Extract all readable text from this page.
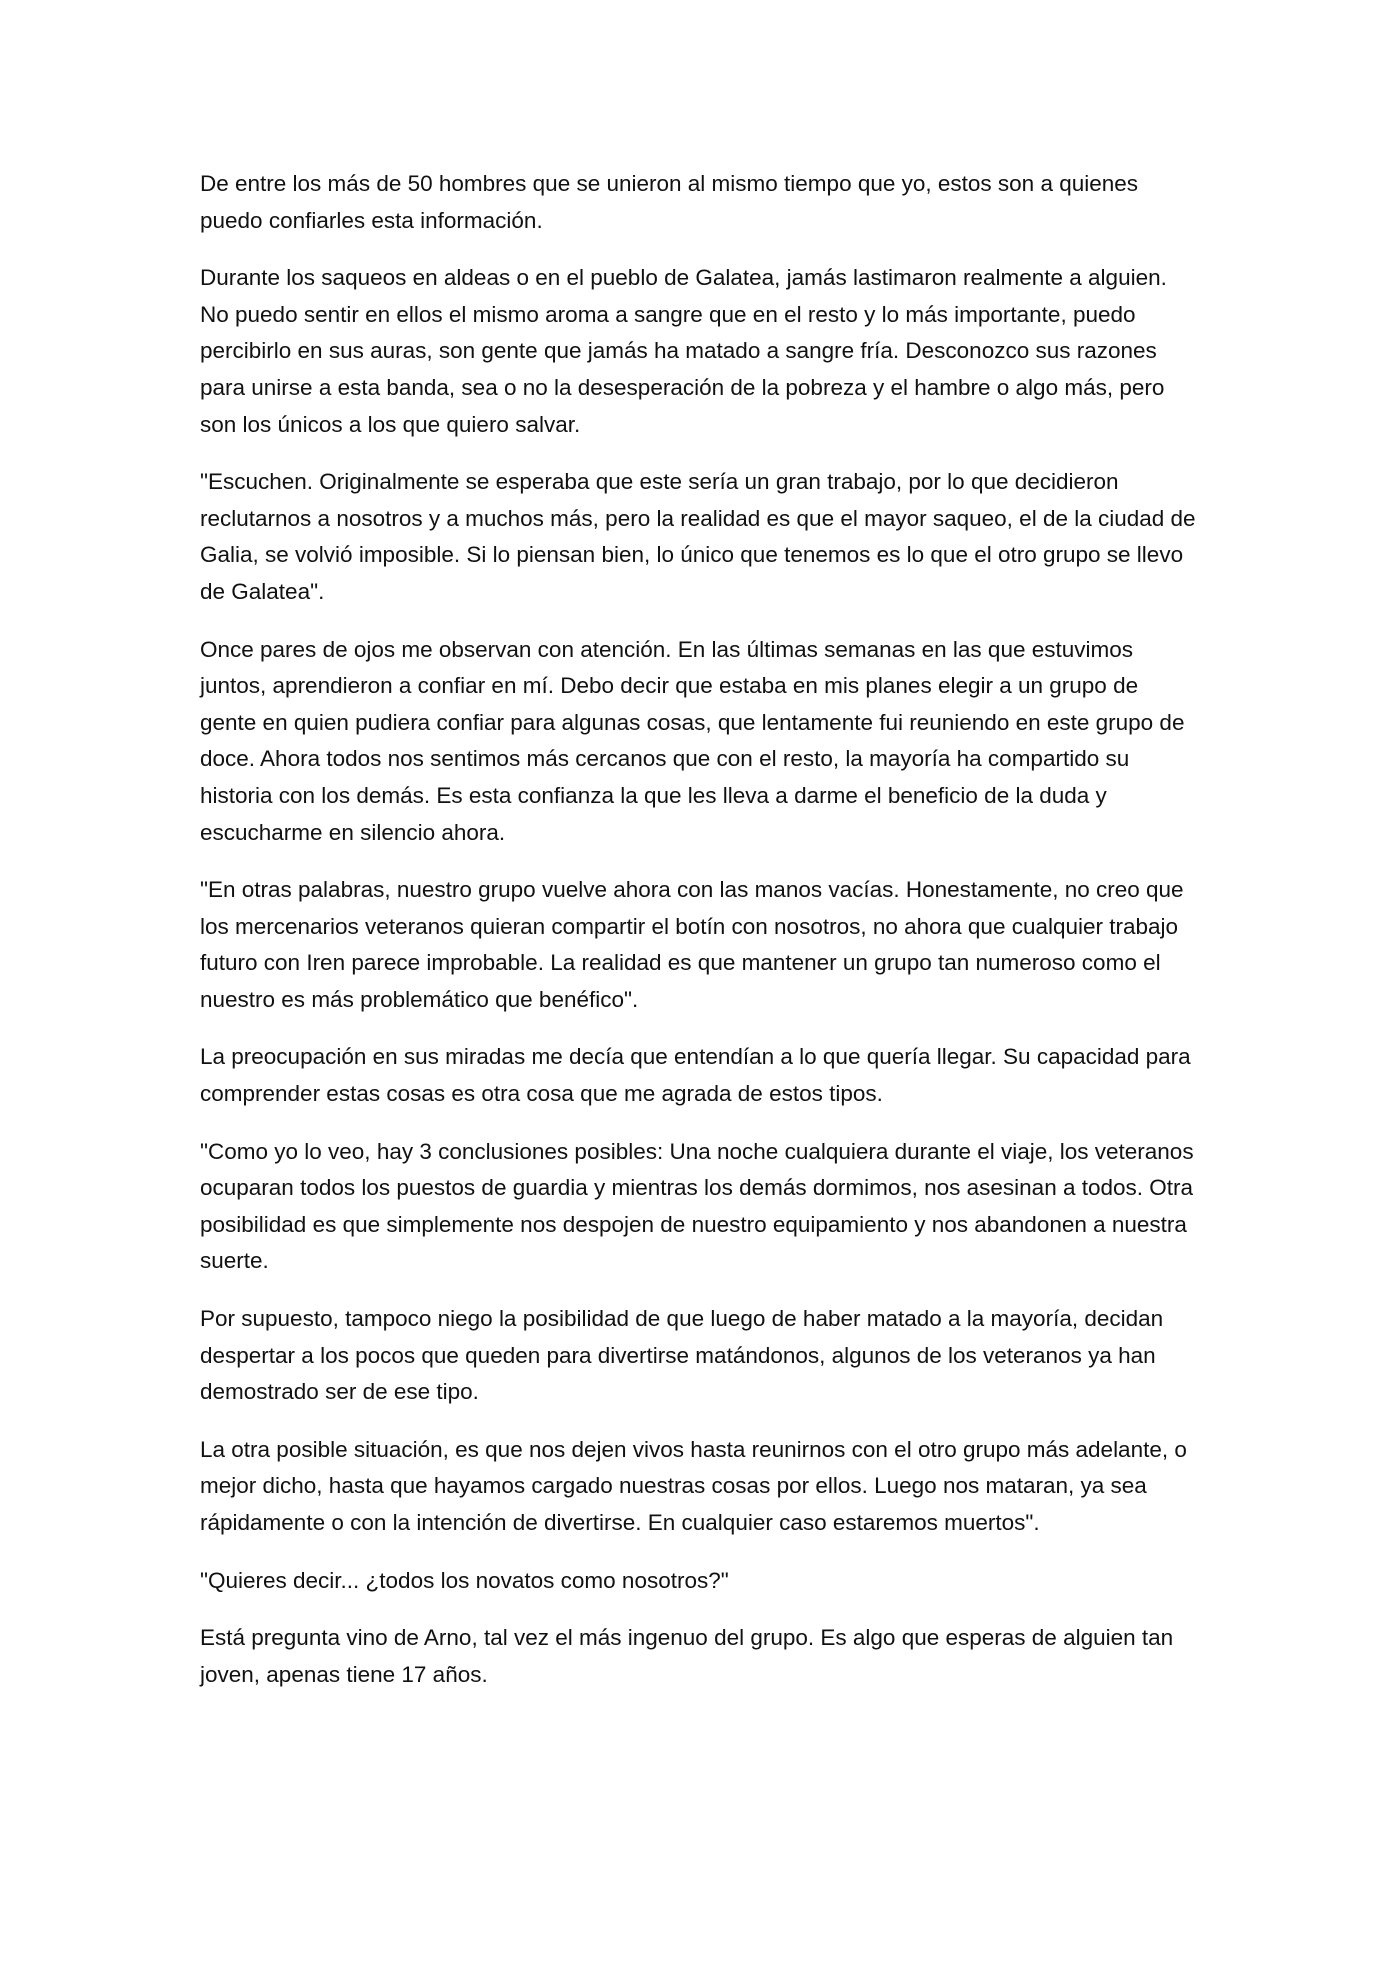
De entre los más de 50 hombres que se unieron al mismo tiempo que yo, estos son a quienes puedo confiarles esta información.

Durante los saqueos en aldeas o en el pueblo de Galatea, jamás lastimaron realmente a alguien. No puedo sentir en ellos el mismo aroma a sangre que en el resto y lo más importante, puedo percibirlo en sus auras, son gente que jamás ha matado a sangre fría. Desconozco sus razones para unirse a esta banda, sea o no la desesperación de la pobreza y el hambre o algo más, pero son los únicos a los que quiero salvar.

"Escuchen. Originalmente se esperaba que este sería un gran trabajo, por lo que decidieron reclutarnos a nosotros y a muchos más, pero la realidad es que el mayor saqueo, el de la ciudad de Galia, se volvió imposible. Si lo piensan bien, lo único que tenemos es lo que el otro grupo se llevo de Galatea".

Once pares de ojos me observan con atención. En las últimas semanas en las que estuvimos juntos, aprendieron a confiar en mí. Debo decir que estaba en mis planes elegir a un grupo de gente en quien pudiera confiar para algunas cosas, que lentamente fui reuniendo en este grupo de doce. Ahora todos nos sentimos más cercanos que con el resto, la mayoría ha compartido su historia con los demás. Es esta confianza la que les lleva a darme el beneficio de la duda y escucharme en silencio ahora.

"En otras palabras, nuestro grupo vuelve ahora con las manos vacías. Honestamente, no creo que los mercenarios veteranos quieran compartir el botín con nosotros, no ahora que cualquier trabajo futuro con Iren parece improbable. La realidad es que mantener un grupo tan numeroso como el nuestro es más problemático que benéfico".

La preocupación en sus miradas me decía que entendían a lo que quería llegar. Su capacidad para comprender estas cosas es otra cosa que me agrada de estos tipos.

"Como yo lo veo, hay 3 conclusiones posibles: Una noche cualquiera durante el viaje, los veteranos ocuparan todos los puestos de guardia y mientras los demás dormimos, nos asesinan a todos. Otra posibilidad es que simplemente nos despojen de nuestro equipamiento y nos abandonen a nuestra suerte.

Por supuesto, tampoco niego la posibilidad de que luego de haber matado a la mayoría, decidan despertar a los pocos que queden para divertirse matándonos, algunos de los veteranos ya han demostrado ser de ese tipo.

La otra posible situación, es que nos dejen vivos hasta reunirnos con el otro grupo más adelante, o mejor dicho, hasta que hayamos cargado nuestras cosas por ellos. Luego nos mataran, ya sea rápidamente o con la intención de divertirse. En cualquier caso estaremos muertos".

"Quieres decir... ¿todos los novatos como nosotros?"

Está pregunta vino de Arno, tal vez el más ingenuo del grupo. Es algo que esperas de alguien tan joven, apenas tiene 17 años.
